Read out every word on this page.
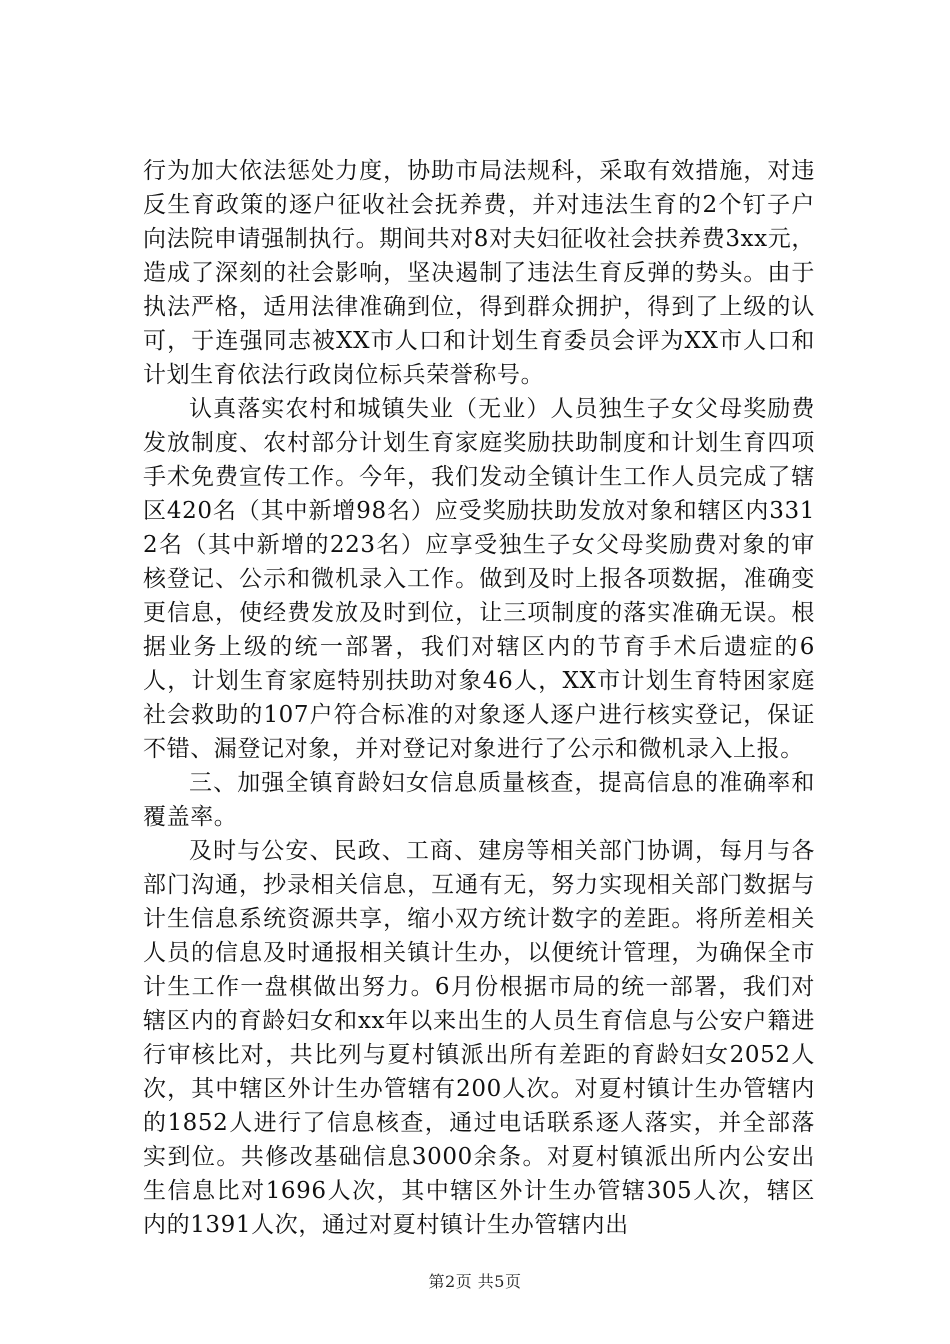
行为加大依法惩处力度，协助市局法规科，采取有效措施，对违反生育政策的逐户征收社会抚养费，并对违法生育的2个钉子户向法院申请强制执行。期间共对8对夫妇征收社会扶养费3xx元，造成了深刻的社会影响，坚决遏制了违法生育反弹的势头。由于执法严格，适用法律准确到位，得到群众拥护，得到了上级的认可，于连强同志被XX市人口和计划生育委员会评为XX市人口和计划生育依法行政岗位标兵荣誉称号。

认真落实农村和城镇失业（无业）人员独生子女父母奖励费发放制度、农村部分计划生育家庭奖励扶助制度和计划生育四项手术免费宣传工作。今年，我们发动全镇计生工作人员完成了辖区420名（其中新增98名）应受奖励扶助发放对象和辖区内3312名（其中新增的223名）应享受独生子女父母奖励费对象的审核登记、公示和微机录入工作。做到及时上报各项数据，准确变更信息，使经费发放及时到位，让三项制度的落实准确无误。根据业务上级的统一部署，我们对辖区内的节育手术后遗症的6人，计划生育家庭特别扶助对象46人，XX市计划生育特困家庭社会救助的107户符合标准的对象逐人逐户进行核实登记，保证不错、漏登记对象，并对登记对象进行了公示和微机录入上报。

三、加强全镇育龄妇女信息质量核查，提高信息的准确率和覆盖率。

及时与公安、民政、工商、建房等相关部门协调，每月与各部门沟通，抄录相关信息，互通有无，努力实现相关部门数据与计生信息系统资源共享，缩小双方统计数字的差距。将所差相关人员的信息及时通报相关镇计生办，以便统计管理，为确保全市计生工作一盘棋做出努力。6月份根据市局的统一部署，我们对辖区内的育龄妇女和xx年以来出生的人员生育信息与公安户籍进行审核比对，共比列与夏村镇派出所有差距的育龄妇女2052人次，其中辖区外计生办管辖有200人次。对夏村镇计生办管辖内的1852人进行了信息核查，通过电话联系逐人落实，并全部落实到位。共修改基础信息3000余条。对夏村镇派出所内公安出生信息比对1696人次，其中辖区外计生办管辖305人次，辖区内的1391人次，通过对夏村镇计生办管辖内出

第2页 共5页
